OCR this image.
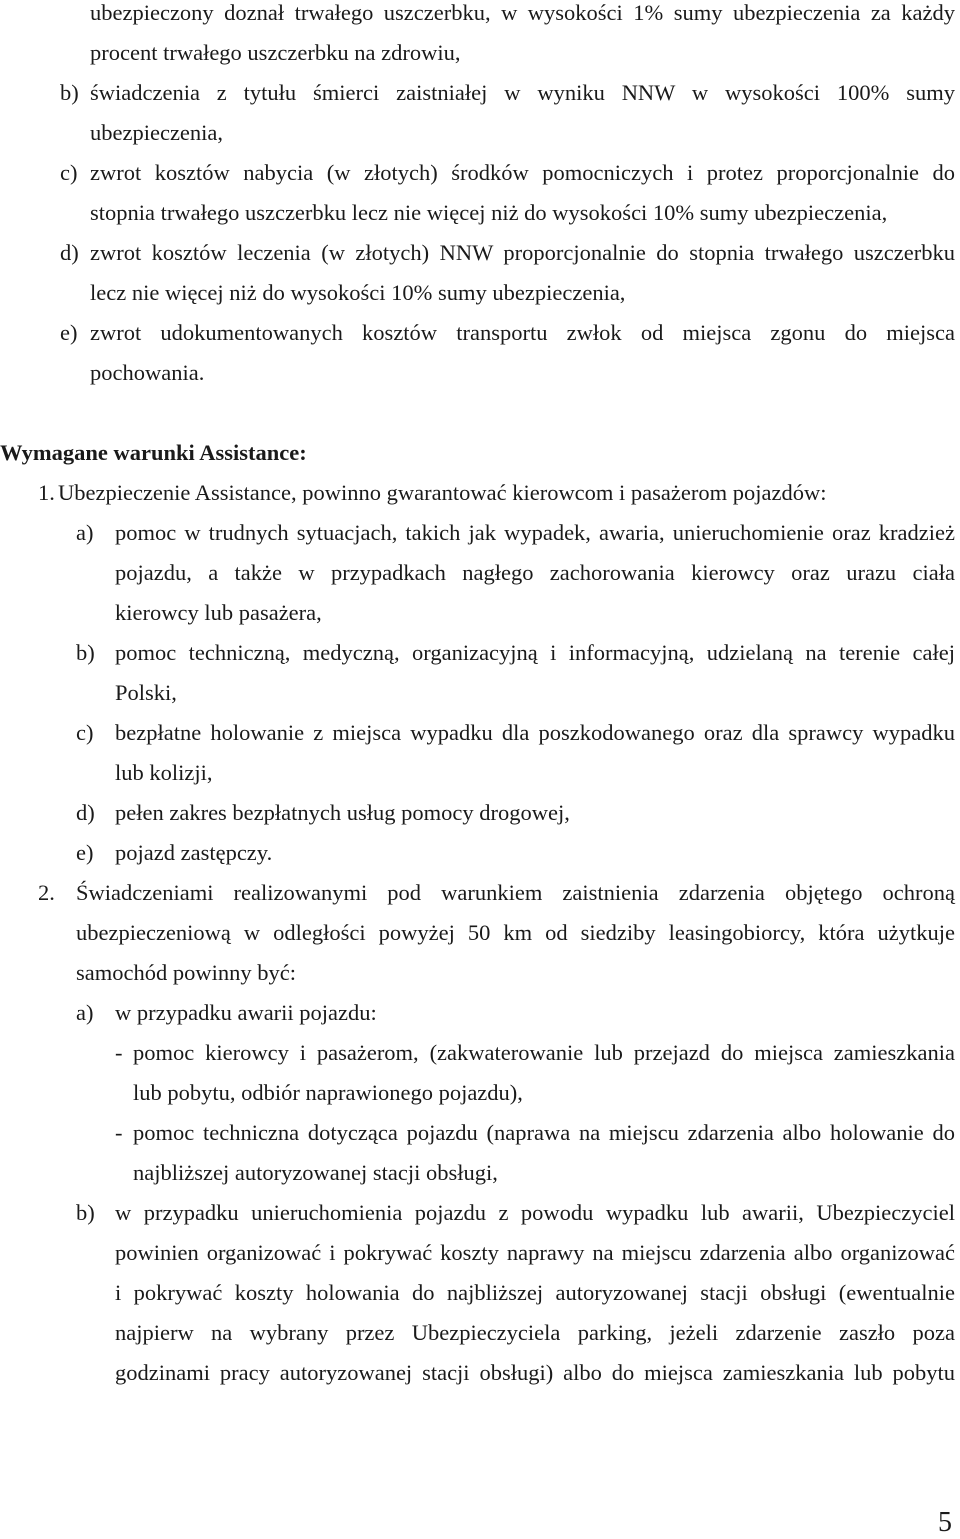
ubezpieczony doznał trwałego uszczerbku, w wysokości 1% sumy ubezpieczenia za każdy
procent trwałego uszczerbku na zdrowiu,
b) świadczenia z tytułu śmierci zaistniałej w wyniku NNW w wysokości 100% sumy
ubezpieczenia,
c) zwrot kosztów nabycia (w złotych) środków pomocniczych i protez proporcjonalnie do
stopnia trwałego uszczerbku lecz nie więcej niż do wysokości 10% sumy ubezpieczenia,
d) zwrot kosztów leczenia (w złotych) NNW proporcjonalnie do stopnia trwałego uszczerbku
lecz nie więcej niż do wysokości 10% sumy ubezpieczenia,
e) zwrot udokumentowanych kosztów transportu zwłok od miejsca zgonu do miejsca
pochowania.
Wymagane warunki Assistance:
1. Ubezpieczenie Assistance, powinno gwarantować kierowcom i pasażerom pojazdów:
a) pomoc w trudnych sytuacjach, takich jak wypadek, awaria, unieruchomienie oraz kradzież
pojazdu, a także w przypadkach nagłego zachorowania kierowcy oraz urazu ciała
kierowcy lub pasażera,
b) pomoc techniczną, medyczną, organizacyjną i informacyjną, udzielaną na terenie całej
Polski,
c) bezpłatne holowanie z miejsca wypadku dla poszkodowanego oraz dla sprawcy wypadku
lub kolizji,
d) pełen zakres bezpłatnych usług pomocy drogowej,
e) pojazd zastępczy.
2. Świadczeniami realizowanymi pod warunkiem zaistnienia zdarzenia objętego ochroną
ubezpieczeniową w odległości powyżej 50 km od siedziby leasingobiorcy, która użytkuje
samochód powinny być:
a) w przypadku awarii pojazdu:
- pomoc kierowcy i pasażerom, (zakwaterowanie lub przejazd do miejsca zamieszkania
lub pobytu, odbiór naprawionego pojazdu),
- pomoc techniczna dotycząca pojazdu (naprawa na miejscu zdarzenia albo holowanie do
najbliższej autoryzowanej stacji obsługi,
b) w przypadku unieruchomienia pojazdu z powodu wypadku lub awarii, Ubezpieczyciel
powinien organizować i pokrywać koszty naprawy na miejscu zdarzenia albo organizować
i pokrywać koszty holowania do najbliższej autoryzowanej stacji obsługi (ewentualnie
najpierw na wybrany przez Ubezpieczyciela parking, jeżeli zdarzenie zaszło poza
godzinami pracy autoryzowanej stacji obsługi) albo do miejsca zamieszkania lub pobytu
5
